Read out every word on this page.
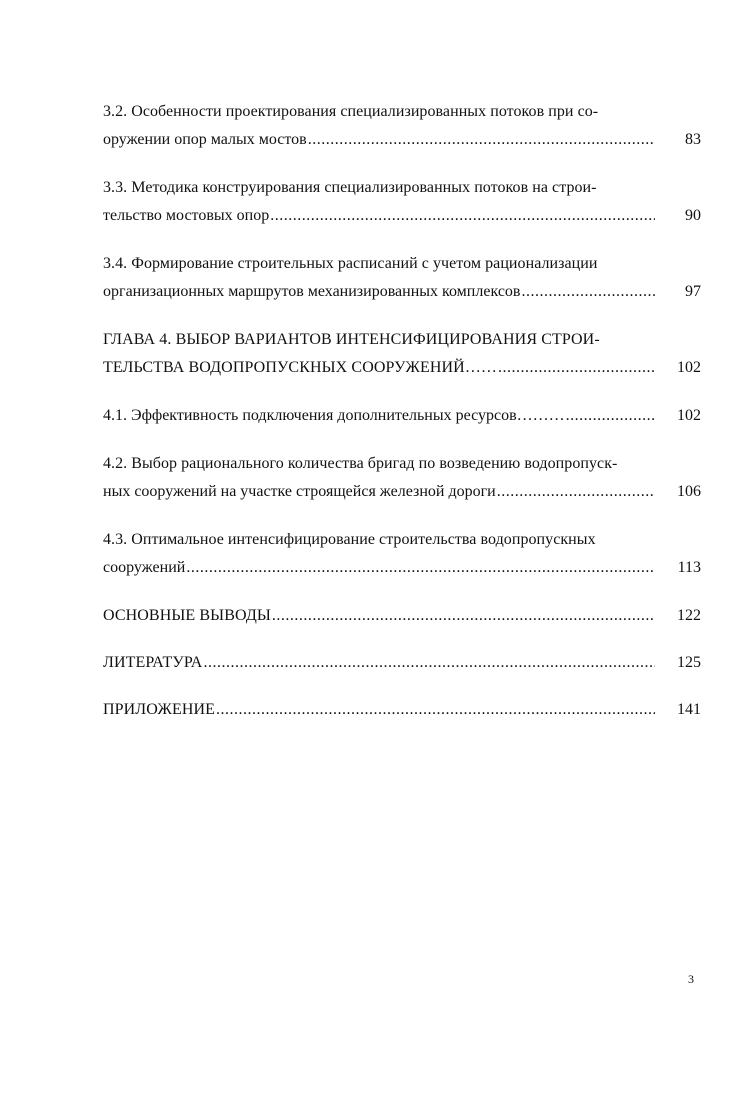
3.2. Особенности проектирования специализированных потоков при со-
оружении опор малых мостов .....	83
3.3. Методика конструирования специализированных потоков на строи-
тельство мостовых опор .....	90
3.4. Формирование строительных расписаний с учетом рационализации
организационных маршрутов механизированных комплексов .....	97
ГЛАВА 4. ВЫБОР ВАРИАНТОВ ИНТЕНСИФИЦИРОВАНИЯ СТРОИ-
ТЕЛЬСТВА ВОДОПРОПУСКНЫХ СООРУЖЕНИЙ…… .....	102
4.1. Эффективность подключения дополнительных ресурсов……… .....	102
4.2. Выбор рационального количества бригад по возведению водопропуск-
ных сооружений на участке строящейся железной дороги .....	106
4.3. Оптимальное интенсифицирование строительства водопропускных
сооружений .....	113
ОСНОВНЫЕ ВЫВОДЫ .....	122
ЛИТЕРАТУРА .....	125
ПРИЛОЖЕНИЕ .....	141
3
